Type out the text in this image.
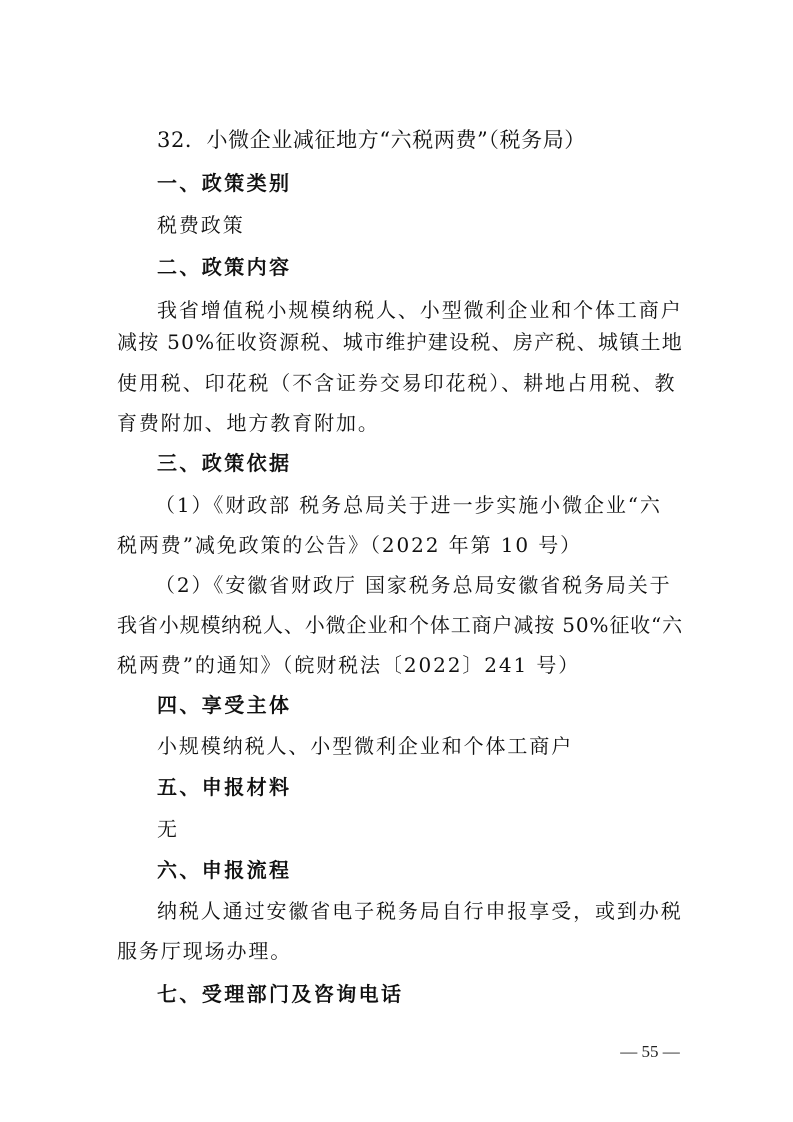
32．小微企业减征地方“六税两费”（税务局）
一、政策类别
税费政策
二、政策内容
我省增值税小规模纳税人、小型微利企业和个体工商户
减按 50%征收资源税、城市维护建设税、房产税、城镇土地
使用税、印花税（不含证券交易印花税）、耕地占用税、教
育费附加、地方教育附加。
三、政策依据
（1）《财政部 税务总局关于进一步实施小微企业“六
税两费”减免政策的公告》（2022 年第 10 号）
（2）《安徽省财政厅 国家税务总局安徽省税务局关于
我省小规模纳税人、小微企业和个体工商户减按 50%征收“六
税两费”的通知》（皖财税法〔2022〕241 号）
四、享受主体
小规模纳税人、小型微利企业和个体工商户
五、申报材料
无
六、申报流程
纳税人通过安徽省电子税务局自行申报享受，或到办税
服务厅现场办理。
七、受理部门及咨询电话
— 55 —
